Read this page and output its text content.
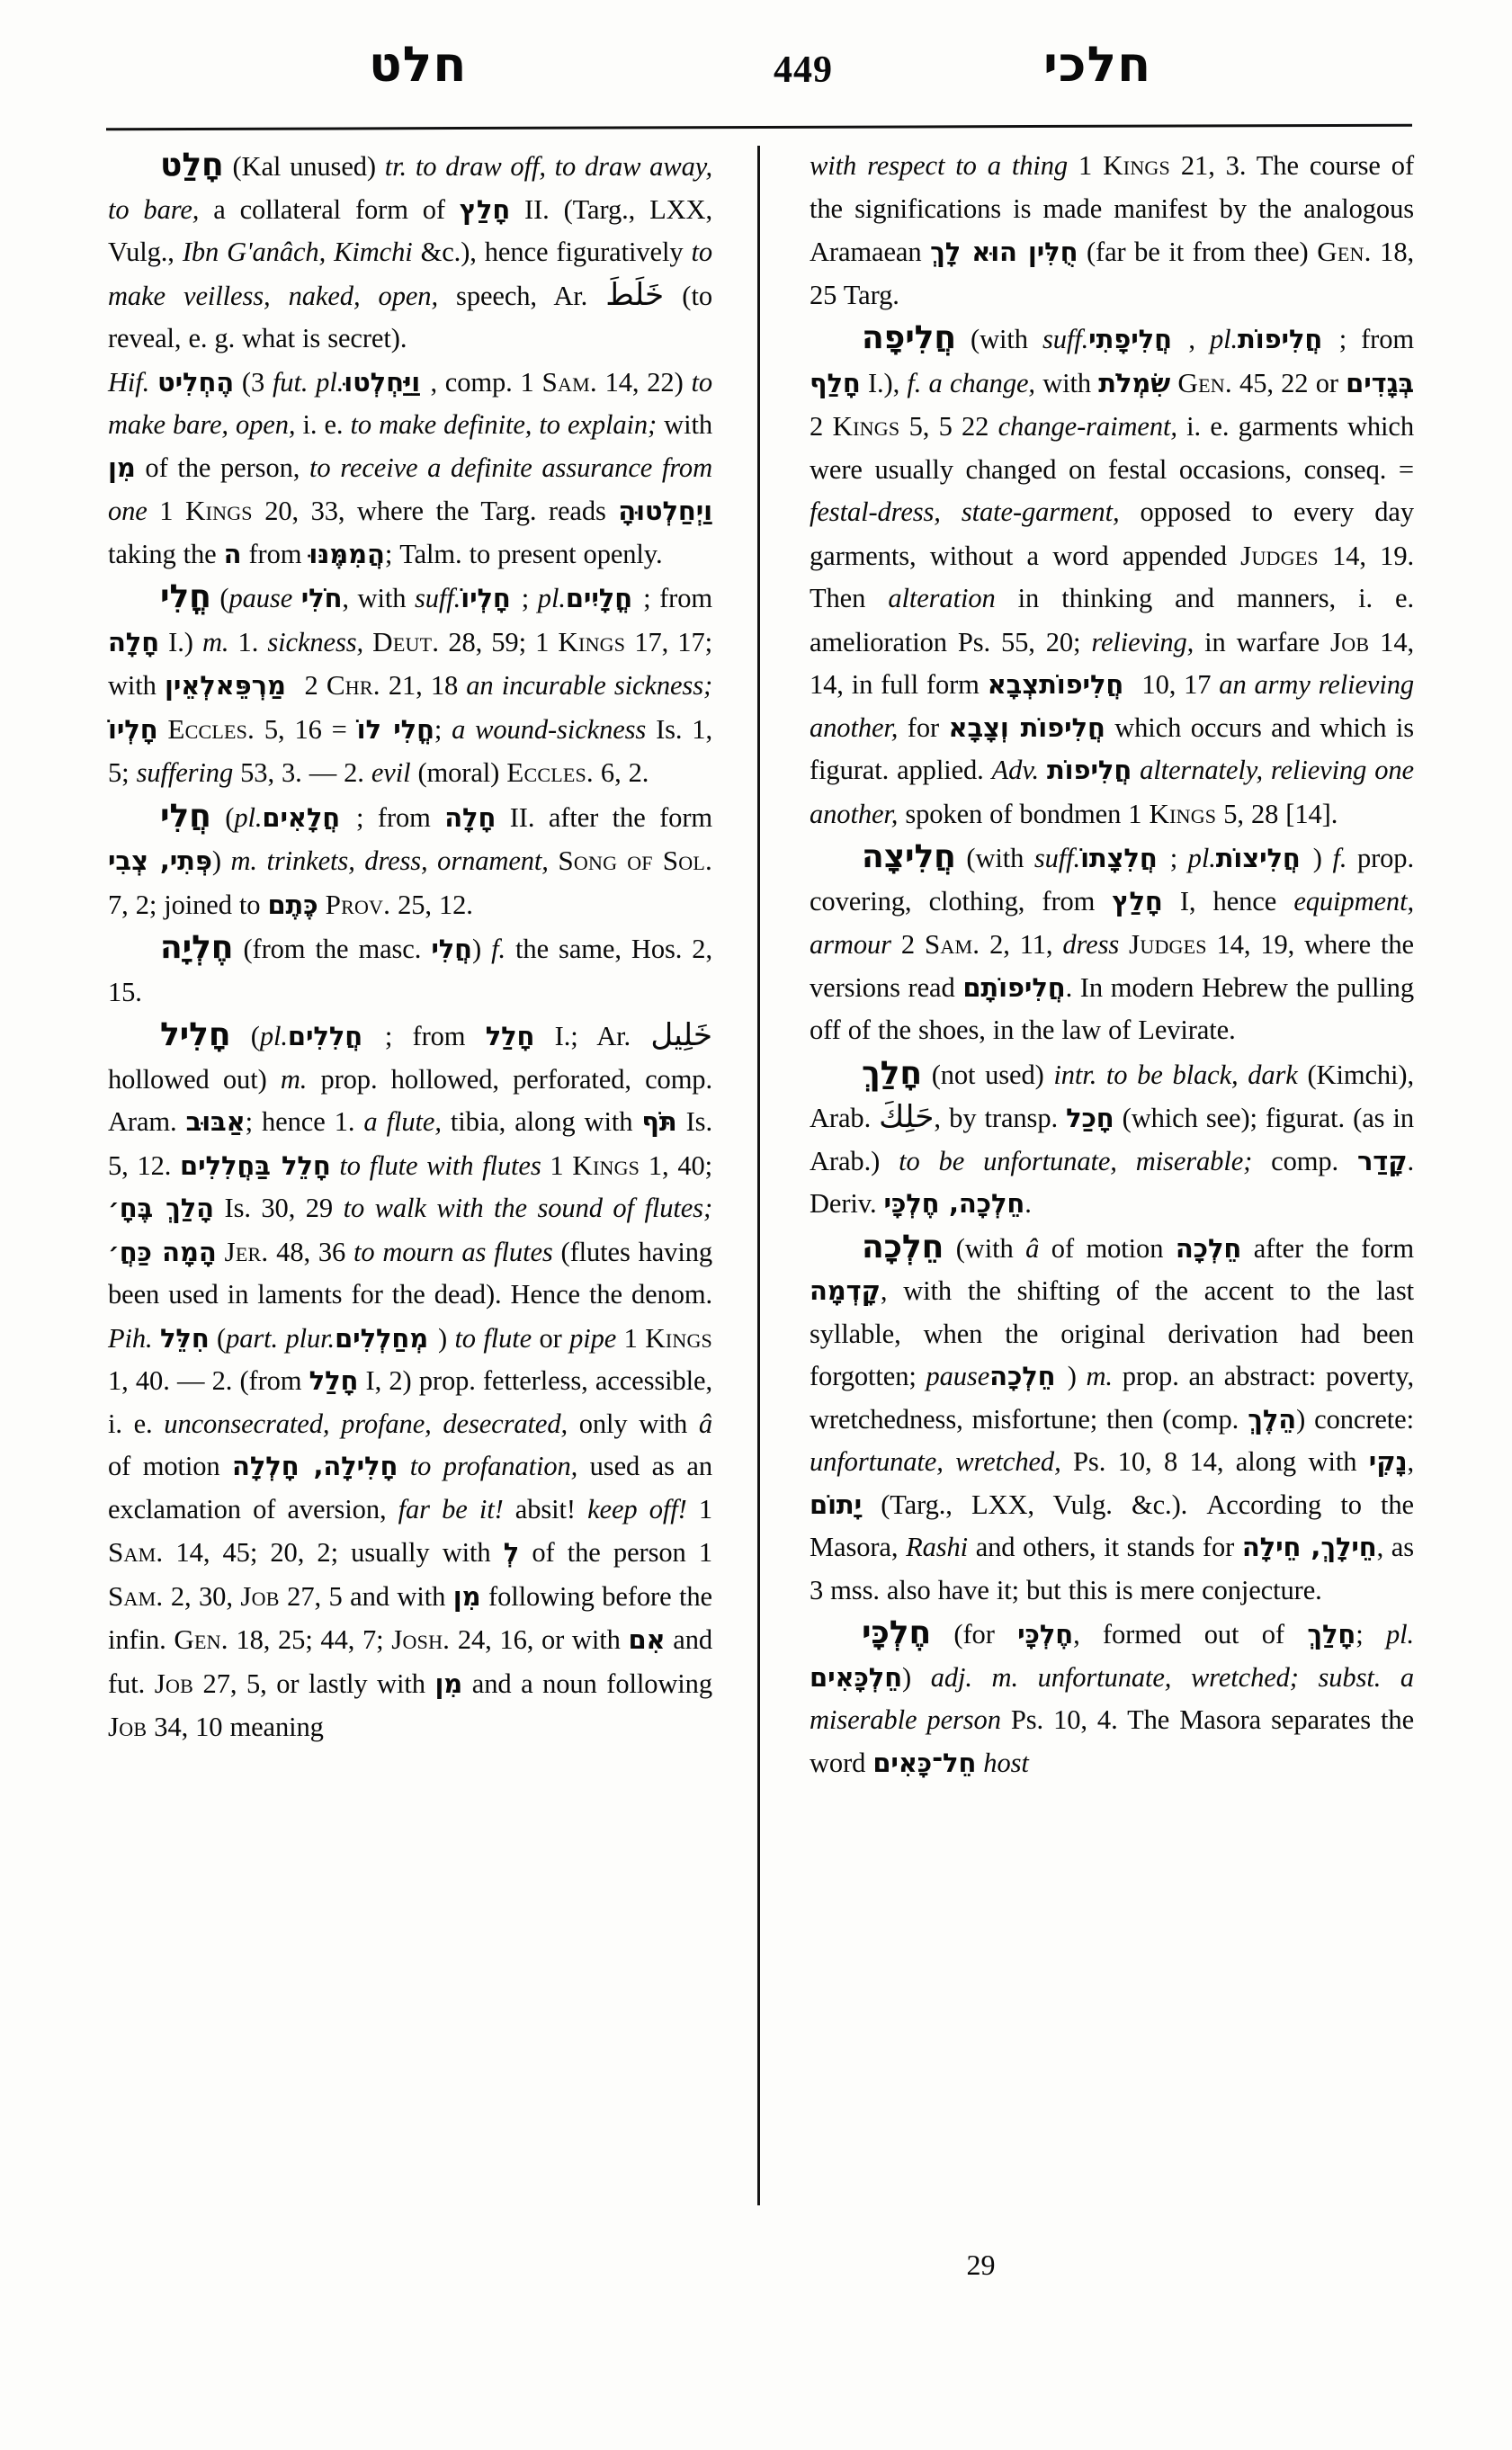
חלט	449	חלכי

חָלַט (Kal unused) tr. to draw off, to draw away, to bare, a collateral form of חָלַץ II. (Targ., LXX, Vulg., Ibn G'anâch, Kimchi &c.), hence figuratively to make veilless, naked, open, speech, Ar. خَلَطَ (to reveal, e. g. what is secret).

Hif. הֶחְלִיט (3 fut. pl. וַיַּחְלְטוּ, comp. 1 Sam. 14, 22) to make bare, open, i. e. to make definite, to explain; with מִן of the person, to receive a definite assurance from one 1 Kings 20, 33, where the Targ. reads וַיְחַלְטוּהָ taking the ה from הֲמִמֶּנּוּ; Talm. to present openly.

חֳלִי (pause חֹלִי, with suff. חָלְיוֹ; pl. חֳלָיִים; from חָלָה I.) m. 1. sickness, Deut. 28, 59; 1 Kings 17, 17; with לְאֵין מַרְפֵּא 2 Chr. 21, 18 an incurable sickness; חָלְיוֹ Eccles. 5, 16 = חֳלִי לוֹ; a wound-sickness Is. 1, 5; suffering 53, 3. — 2. evil (moral) Eccles. 6, 2.

חֲלִי (pl. חֲלָאִים; from חָלָה II. after the form פְּתִי, צְבִי) m. trinkets, dress, ornament, Song of Sol. 7, 2; joined to כֶּתֶם Prov. 25, 12.

חֶלְיָה (from the masc. חֲלִי) f. the same, Hos. 2, 15.

חָלִיל (pl. חֲלִלִים; from חָלַל I.; Ar. خَلِيل hollowed out) m. prop. hollowed, perforated, comp. Aram. אַבּוּב; hence 1. a flute, tibia, along with תֹּף Is. 5, 12. חָלֵל בַּחֲלִלִים to flute with flutes 1 Kings 1, 40; הָלַךְ בֶּחָ׳ Is. 30, 29 to walk with the sound of flutes; הָמָה כַּחֲ׳ Jer. 48, 36 to mourn as flutes (flutes having been used in laments for the dead). Hence the denom. Pih. חִלֵּל (part. plur. מְחַלְלִים) to flute or pipe 1 Kings 1, 40. — 2. (from חָלַל I, 2) prop. fetterless, accessible, i. e. unconsecrated, profane, desecrated, only with â of motion חָלִילָה, חָלְלָה to profanation, used as an exclamation of aversion, far be it! absit! keep off! 1 Sam. 14, 45; 20, 2; usually with לְ of the person 1 Sam. 2, 30, Job 27, 5 and with מִן following before the infin. Gen. 18, 25; 44, 7; Josh. 24, 16, or with אִם and fut. Job 27, 5, or lastly with מִן and a noun following Job 34, 10 meaning

with respect to a thing 1 Kings 21, 3. The course of the significations is made manifest by the analogous Aramaean חֻלִּין הוּא לָךְ (far be it from thee) Gen. 18, 25 Targ.

חֲלִיפָה (with suff. חֲלִיפָתִי, pl. חֲלִיפוֹת; from חָלַף I.), f. a change, with שִׂמְלֹת Gen. 45, 22 or בְּגָדִים 2 Kings 5, 5 22 change-raiment, i. e. garments which were usually changed on festal occasions, conseq. = festal-dress, state-garment, opposed to every day garments, without a word appended Judges 14, 19. Then alteration in thinking and manners, i. e. amelioration Ps. 55, 20; relieving, in warfare Job 14, 14, in full form צְבָא חֲלִיפוֹת 10, 17 an army relieving another, for חֲלִיפוֹת וְצָבָא which occurs and which is figurat. applied. Adv. חֲלִיפוֹת alternately, relieving one another, spoken of bondmen 1 Kings 5, 28 [14].

חֲלִיצָה (with suff. חֲלִצָתוֹ; pl. חֲלִיצוֹת) f. prop. covering, clothing, from חָלַץ I, hence equipment, armour 2 Sam. 2, 11, dress Judges 14, 19, where the versions read חֲלִיפוֹתָם. In modern Hebrew the pulling off of the shoes, in the law of Levirate.

חָלַךְ (not used) intr. to be black, dark (Kimchi), Arab. حَلِكَ, by transp. חָכַל (which see); figurat. (as in Arab.) to be unfortunate, miserable; comp. קָדַר. Deriv. חֵלְכָה, חֶלְכָּי.

חֵלְכָה (with â of motion חֵלְכָה after the form קָדְמָה, with the shifting of the accent to the last syllable, when the original derivation had been forgotten; pause חֵלְכָה) m. prop. an abstract: poverty, wretchedness, misfortune; then (comp. הֵלֶךְ) concrete: unfortunate, wretched, Ps. 10, 8 14, along with נָקִי, יָתוֹם (Targ., LXX, Vulg. &c.). According to the Masora, Rashi and others, it stands for חֵילָךְ, חֵילָה, as 3 mss. also have it; but this is mere conjecture.

חֶלְכָּי (for חֶלְכָּי, formed out of חָלַךְ; pl. חֵלְכָּאִים) adj. m. unfortunate, wretched; subst. a miserable person Ps. 10, 4. The Masora separates the word חֵל־כָּאִים host

29
